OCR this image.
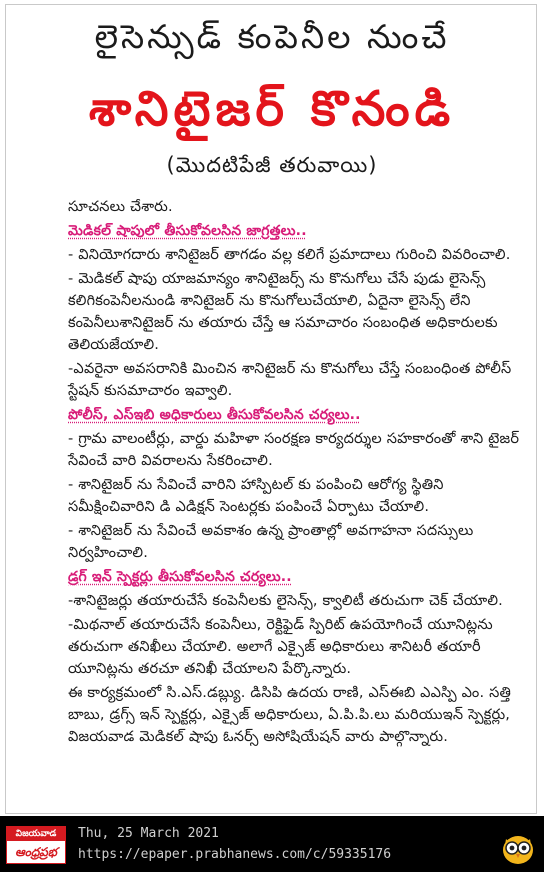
లైసెన్సుడ్ కంపెనీల నుంచే
శానిటైజర్ కొనండి
(మొదటిపేజీ తరువాయి)

సూచనలు చేశారు.

మెడికల్ షాపులో తీసుకోవలసిన జాగ్రత్తలు..

- వినియోగదారు శానిటైజర్ తాగడం వల్ల కలిగే ప్రమాదాలు గురించి వివరించాలి.

- మెడికల్ షాపు యాజమాన్యం శానిటైజర్స్ ను కొనుగోలు చేసే పుడు లైసెన్స్ కలిగికంపెనీలనుండి శానిటైజర్ ను కొనుగోలుచేయాలి, ఏదైనా లైసెన్స్ లేని కంపెనీలుశానిటైజర్ ను తయారు చేస్తే ఆ సమాచారం సంబంధిత అధికారులకు తెలియజేయాలి.

-ఎవరైనా అవసరానికి మించిన శానిటైజర్ ను కొనుగోలు చేస్తే సంబంధింత పోలీస్ స్టేషన్ కుసమాచారం ఇవ్వాలి.

పోలీస్, ఎస్ఇబి అధికారులు తీసుకోవలసిన చర్యలు..

- గ్రామ వాలంటీర్లు, వార్డు మహిళా సంరక్షణ కార్యదర్శుల సహకారంతో శాని టైజర్ సేవించే వారి వివరాలను సేకరించాలి.

- శానిటైజర్ ను సేవించే వారిని హాస్పిటల్ కు పంపించి ఆరోగ్య స్థితిని సమీక్షించివారిని డి ఎడిక్షన్ సెంటర్లకు పంపించే ఏర్పాటు చేయాలి.

- శానిటైజర్ ను సేవించే అవకాశం ఉన్న ప్రాంతాల్లో అవగాహనా సదస్సులు నిర్వహించాలి.

డ్రగ్ ఇన్ స్పెక్టర్లు తీసుకోవలసిన చర్యలు..

-శానిటైజర్లు తయారుచేసే కంపెనీలకు లైసెన్స్, క్వాలిటీ తరుచుగా చెక్ చేయాలి.

-మిథనాల్ తయారుచేసే కంపెనీలు, రెక్టిఫైడ్ స్పిరిట్ ఉపయోగించే యూనిట్లను తరుచుగా తనిఖీలు చేయాలి. అలాగే ఎక్సైజ్ అధికారులు శానిటరీ తయారీ యూనిట్లను తరచూ తనిఖీ చేయాలని పేర్కొన్నారు.

ఈ కార్యక్రమంలో సి.ఎస్.డబ్ల్యు. డిసిపి ఉదయ రాణి, ఎస్ఈబి ఎఎస్పి ఎం. సత్తి బాబు, డ్రగ్స్ ఇన్ స్పెక్టర్లు, ఎక్సైజ్ అధికారులు, ఏ.పి.పి.లు మరియుఇన్ స్పెక్టర్లు, విజయవాడ మెడికల్ షాపు ఓనర్స్ అసోషియేషన్ వారు పాల్గొన్నారు.

విజయవాడ
ఆంధ్రప్రభ
Thu, 25 March 2021
https://epaper.prabhanews.com/c/59335176
